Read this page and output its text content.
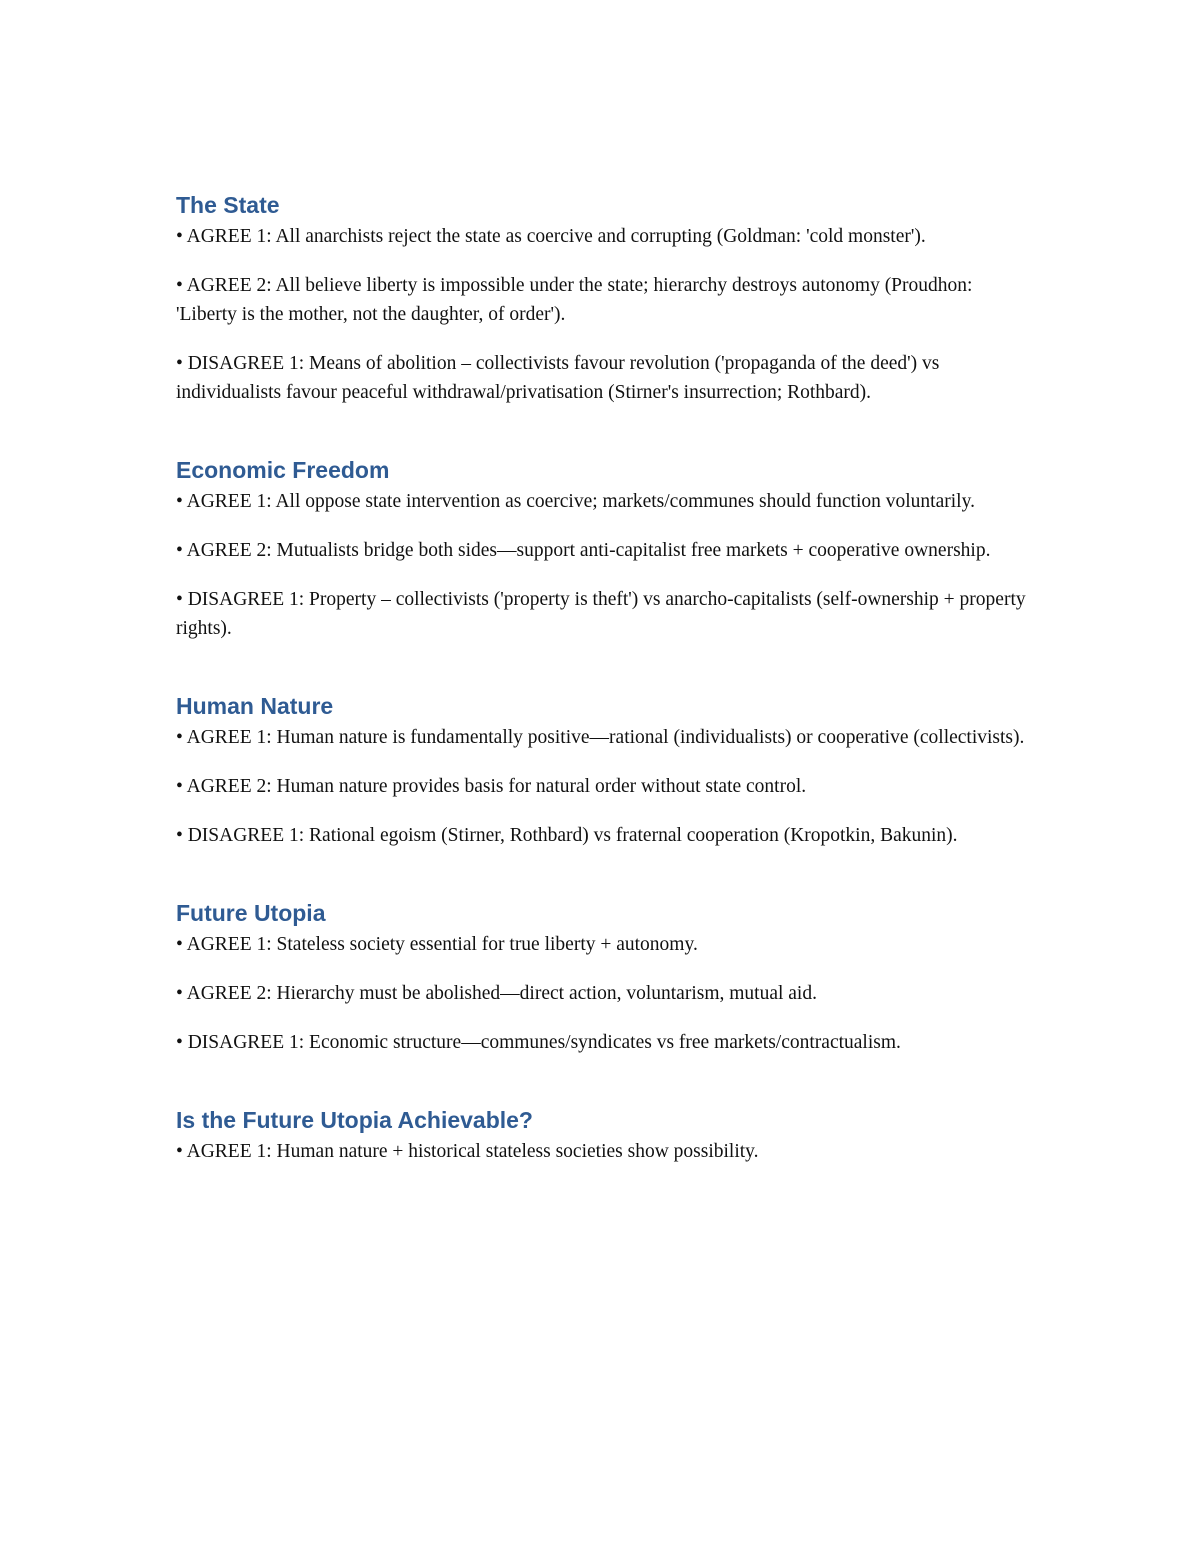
The State

• AGREE 1: All anarchists reject the state as coercive and corrupting (Goldman: 'cold monster').

• AGREE 2: All believe liberty is impossible under the state; hierarchy destroys autonomy (Proudhon: 'Liberty is the mother, not the daughter, of order').

• DISAGREE 1: Means of abolition – collectivists favour revolution ('propaganda of the deed') vs individualists favour peaceful withdrawal/privatisation (Stirner's insurrection; Rothbard).

Economic Freedom

• AGREE 1: All oppose state intervention as coercive; markets/communes should function voluntarily.

• AGREE 2: Mutualists bridge both sides—support anti-capitalist free markets + cooperative ownership.

• DISAGREE 1: Property – collectivists ('property is theft') vs anarcho-capitalists (self-ownership + property rights).

Human Nature

• AGREE 1: Human nature is fundamentally positive—rational (individualists) or cooperative (collectivists).

• AGREE 2: Human nature provides basis for natural order without state control.

• DISAGREE 1: Rational egoism (Stirner, Rothbard) vs fraternal cooperation (Kropotkin, Bakunin).

Future Utopia

• AGREE 1: Stateless society essential for true liberty + autonomy.

• AGREE 2: Hierarchy must be abolished—direct action, voluntarism, mutual aid.

• DISAGREE 1: Economic structure—communes/syndicates vs free markets/contractualism.

Is the Future Utopia Achievable?

• AGREE 1: Human nature + historical stateless societies show possibility.
